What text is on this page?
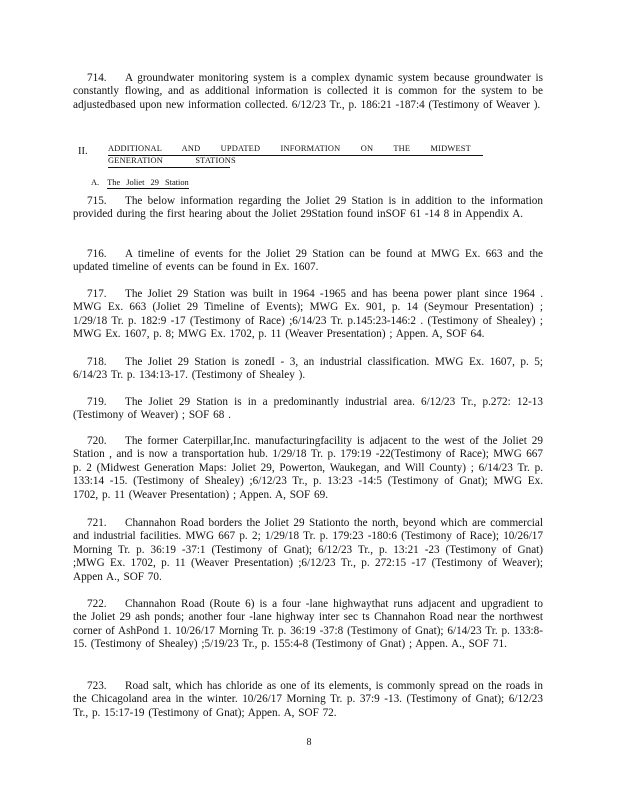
714. A groundwater monitoring system is a complex dynamic system because groundwater is constantly flowing, and as additional information is collected it is common for the system to be adjustedbased upon new information collected. 6/12/23 Tr., p. 186:21 -187:4 (Testimony of Weaver ).
II. ADDITIONAL AND UPDATED INFORMATION ON THE MIDWEST
GENERATION STATIONS
A. The Joliet 29 Station
715. The below information regarding the Joliet 29 Station is in addition to the information provided during the first hearing about the Joliet 29Station found inSOF 61 -14 8 in Appendix A.
716. A timeline of events for the Joliet 29 Station can be found at MWG Ex. 663 and the updated timeline of events can be found in Ex. 1607.
717. The Joliet 29 Station was built in 1964 -1965 and has beena power plant since 1964 . MWG Ex. 663 (Joliet 29 Timeline of Events); MWG Ex. 901, p. 14 (Seymour Presentation) ; 1/29/18 Tr. p. 182:9 -17 (Testimony of Race) ;6/14/23 Tr. p.145:23-146:2 . (Testimony of Shealey) ; MWG Ex. 1607, p. 8; MWG Ex. 1702, p. 11 (Weaver Presentation) ; Appen. A, SOF 64.
718. The Joliet 29 Station is zonedI - 3, an industrial classification. MWG Ex. 1607, p. 5; 6/14/23 Tr. p. 134:13-17. (Testimony of Shealey ).
719. The Joliet 29 Station is in a predominantly industrial area. 6/12/23 Tr., p.272: 12-13 (Testimony of Weaver) ; SOF 68 .
720. The former Caterpillar,Inc. manufacturingfacility is adjacent to the west of the Joliet 29 Station , and is now a transportation hub. 1/29/18 Tr. p. 179:19 -22(Testimony of Race); MWG 667 p. 2 (Midwest Generation Maps: Joliet 29, Powerton, Waukegan, and Will County) ; 6/14/23 Tr. p. 133:14 -15. (Testimony of Shealey) ;6/12/23 Tr., p. 13:23 -14:5 (Testimony of Gnat); MWG Ex. 1702, p. 11 (Weaver Presentation) ; Appen. A, SOF 69.
721. Channahon Road borders the Joliet 29 Stationto the north, beyond which are commercial and industrial facilities. MWG 667 p. 2; 1/29/18 Tr. p. 179:23 -180:6 (Testimony of Race); 10/26/17 Morning Tr. p. 36:19 -37:1 (Testimony of Gnat); 6/12/23 Tr., p. 13:21 -23 (Testimony of Gnat) ;MWG Ex. 1702, p. 11 (Weaver Presentation) ;6/12/23 Tr., p. 272:15 -17 (Testimony of Weaver); Appen A., SOF 70.
722. Channahon Road (Route 6) is a four -lane highwaythat runs adjacent and upgradient to the Joliet 29 ash ponds; another four -lane highway inter sec ts Channahon Road near the northwest corner of AshPond 1. 10/26/17 Morning Tr. p. 36:19 -37:8 (Testimony of Gnat); 6/14/23 Tr. p. 133:8-15. (Testimony of Shealey) ;5/19/23 Tr., p. 155:4-8 (Testimony of Gnat) ; Appen. A., SOF 71.
723. Road salt, which has chloride as one of its elements, is commonly spread on the roads in the Chicagoland area in the winter. 10/26/17 Morning Tr. p. 37:9 -13. (Testimony of Gnat); 6/12/23 Tr., p. 15:17-19 (Testimony of Gnat); Appen. A, SOF 72.
8
